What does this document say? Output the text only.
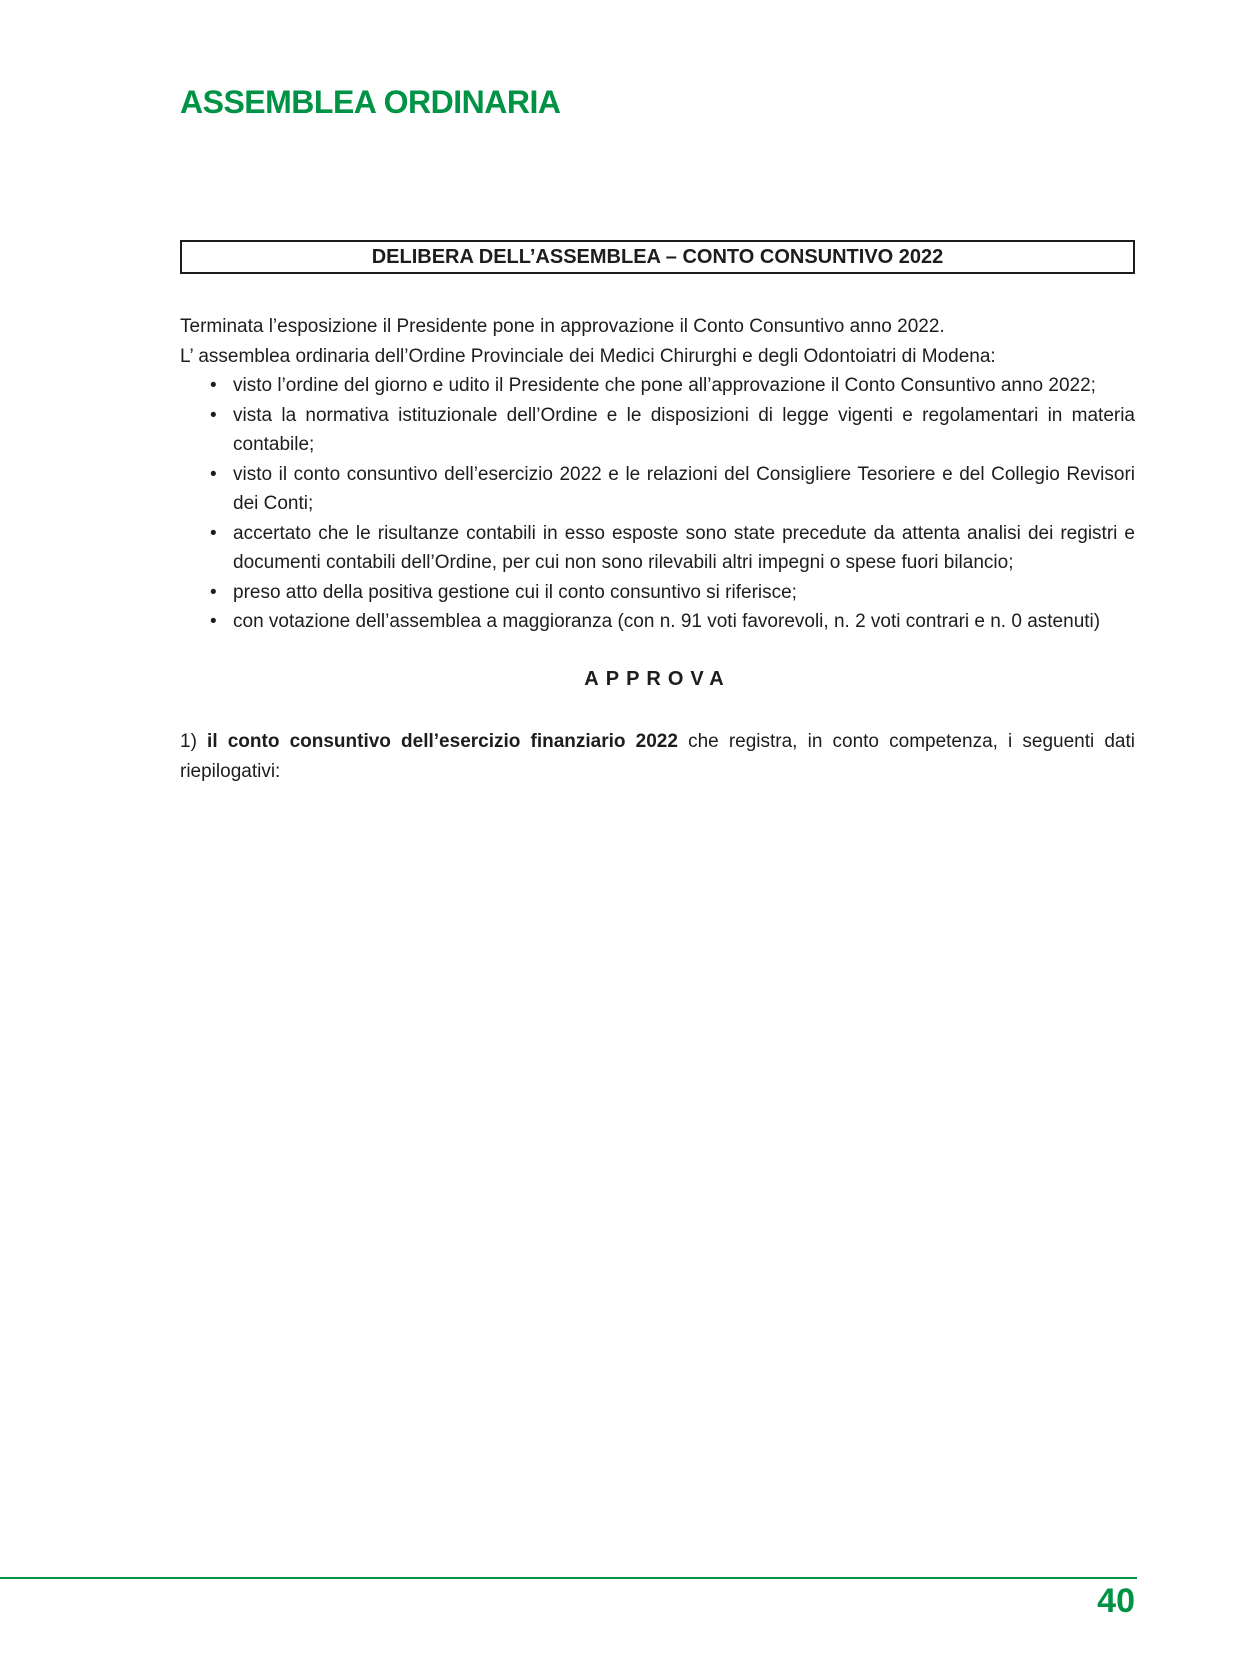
ASSEMBLEA ORDINARIA
DELIBERA DELL’ASSEMBLEA – CONTO CONSUNTIVO 2022

Terminata l’esposizione il Presidente pone in approvazione il Conto Consuntivo anno 2022.

L’ assemblea ordinaria dell’Ordine Provinciale dei Medici Chirurghi e degli Odontoiatri di Modena:

• visto l’ordine del giorno e udito il Presidente che pone all’approvazione il Conto Consuntivo anno 2022;
• vista la normativa istituzionale dell’Ordine e le disposizioni di legge vigenti e regolamentari in materia contabile;
• visto il conto consuntivo dell’esercizio 2022 e le relazioni del Consigliere Tesoriere e del Collegio Revisori dei Conti;
• accertato che le risultanze contabili in esso esposte sono state precedute da attenta analisi dei registri e documenti contabili dell’Ordine, per cui non sono rilevabili altri impegni o spese fuori bilancio;
• preso atto della positiva gestione cui il conto consuntivo si riferisce;
• con votazione dell’assemblea a maggioranza (con n. 91 voti favorevoli, n. 2 voti contrari e n. 0 astenuti)
APPROVA

1) il conto consuntivo dell’esercizio finanziario 2022 che registra, in conto competenza, i seguenti dati riepilogativi:

40
